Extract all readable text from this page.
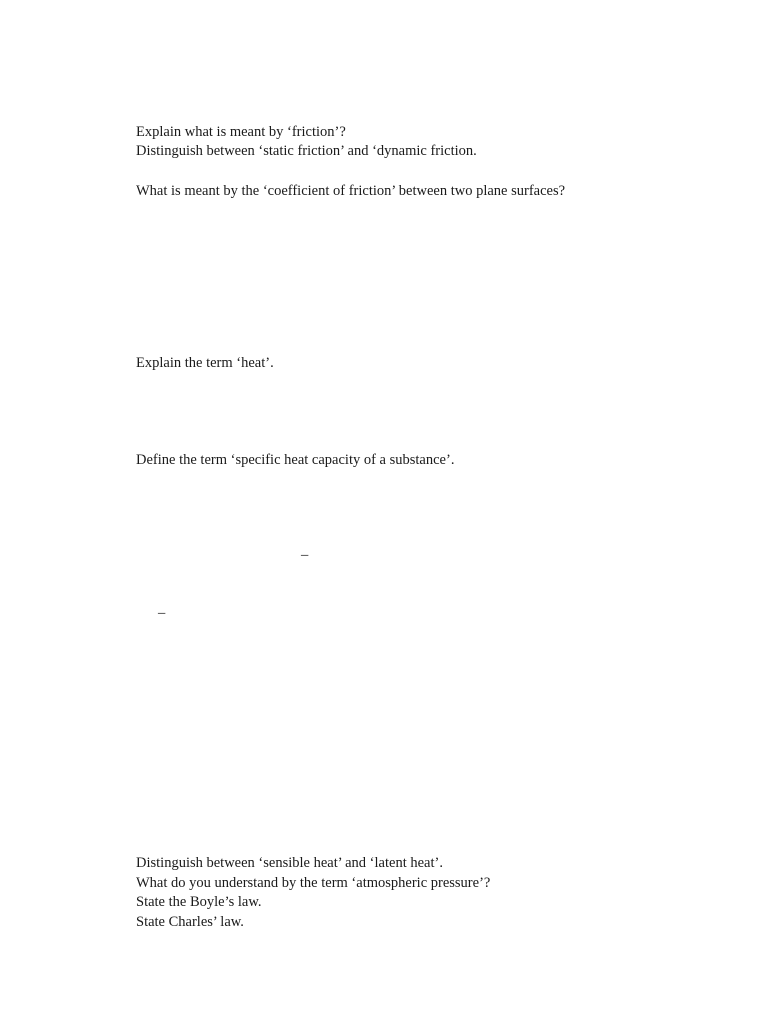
Explain what is meant by ‘friction’?
Distinguish between ‘static friction’ and ‘dynamic friction.
What is meant by the ‘coefficient of friction’ between two plane surfaces?
Explain the term ‘heat’.
Define the term ‘specific heat capacity of a substance’.
–
–
Distinguish between ‘sensible heat’ and ‘latent heat’.
What do you understand by the term ‘atmospheric pressure’?
State the Boyle’s law.
State Charles’ law.
